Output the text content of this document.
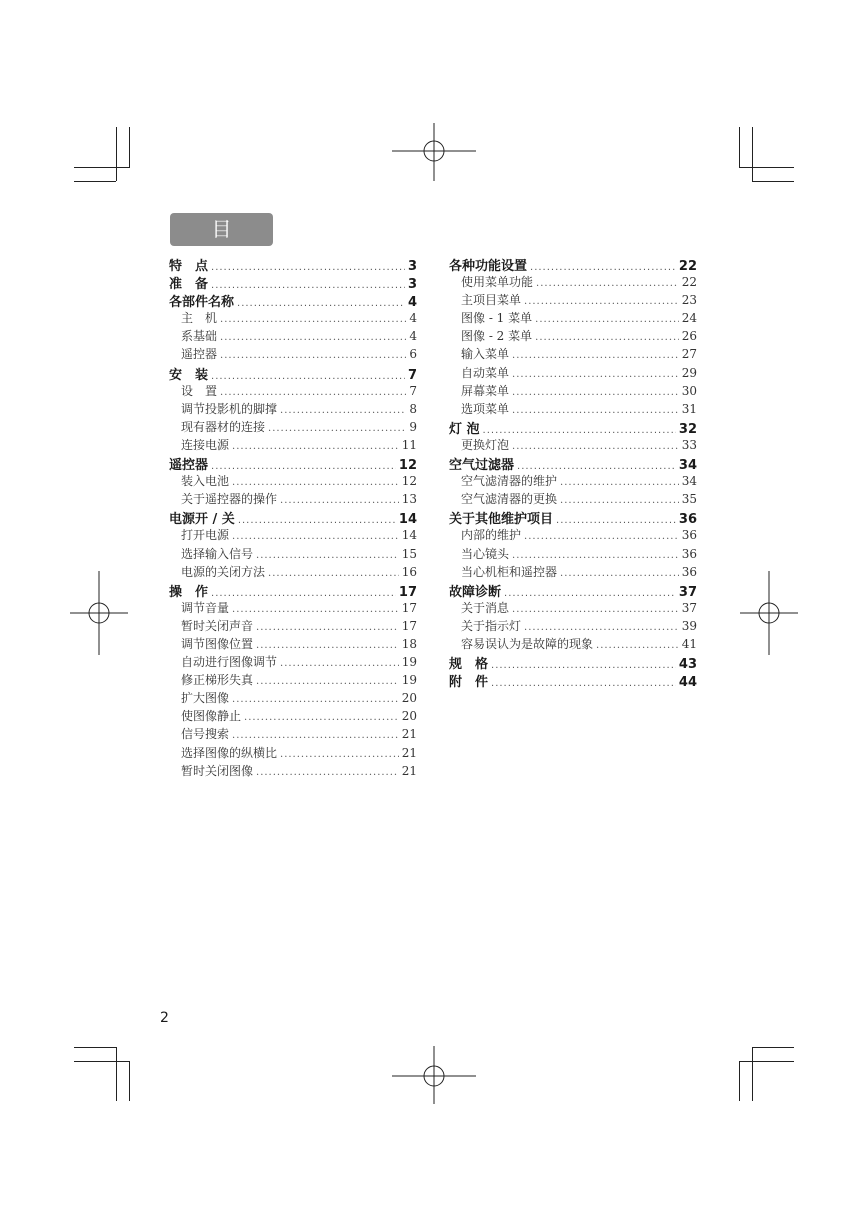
目 录
特　点 .....	3
准　备 .....	3
各部件名称 .....	4
主　机 .....	4
系基础 .....	4
遥控器 .....	6
安　装 .....	7
设　置 .....	7
调节投影机的脚撑 .....	8
现有器材的连接 .....	9
连接电源 .....	11
遥控器 .....	12
装入电池 .....	12
关于遥控器的操作 .....	13
电源开 / 关 .....	14
打开电源 .....	14
选择输入信号 .....	15
电源的关闭方法 .....	16
操　作 .....	17
调节音量 .....	17
暂时关闭声音 .....	17
调节图像位置 .....	18
自动进行图像调节 .....	19
修正梯形失真 .....	19
扩大图像 .....	20
使图像静止 .....	20
信号搜索 .....	21
选择图像的纵横比 .....	21
暂时关闭图像 .....	21
各种功能设置 .....	22
使用菜单功能 .....	22
主项目菜单 .....	23
图像 - 1 菜单 .....	24
图像 - 2 菜单 .....	26
输入菜单 .....	27
自动菜单 .....	29
屏幕菜单 .....	30
选项菜单 .....	31
灯 泡 .....	32
更换灯泡 .....	33
空气过滤器 .....	34
空气滤清器的维护 .....	34
空气滤清器的更换 .....	35
关于其他维护项目 .....	36
内部的维护 .....	36
当心镜头 .....	36
当心机柜和遥控器 .....	36
故障诊断 .....	37
关于消息 .....	37
关于指示灯 .....	39
容易误认为是故障的现象 .....	41
规　格 .....	43
附　件 .....	44
2
